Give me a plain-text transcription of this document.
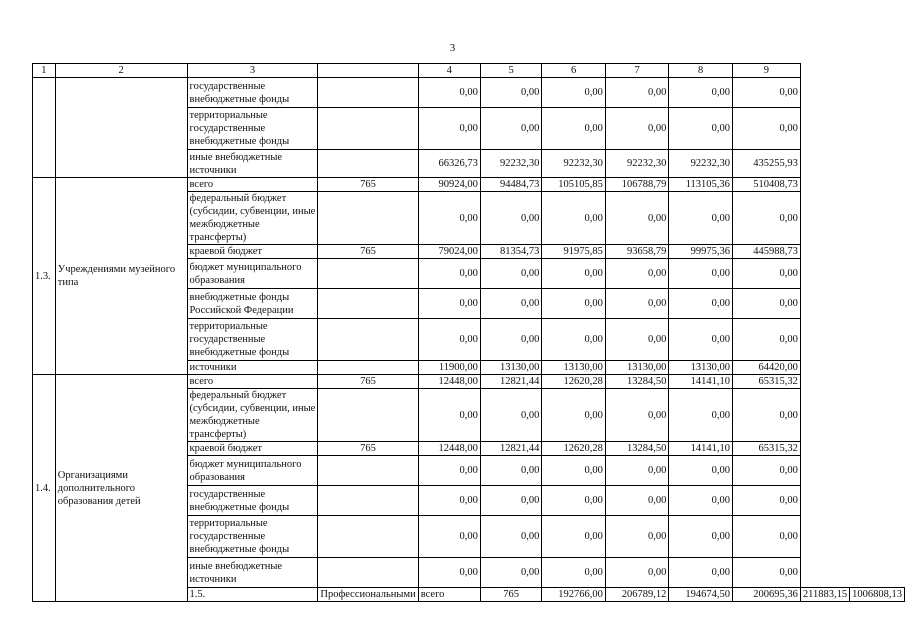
3
1	2	3		4	5	6	7	8	9		
		государственные внебюджетные фонды		0,00	0,00	0,00	0,00	0,00	0,00		
		территориальные государственные внебюджетные фонды		0,00	0,00	0,00	0,00	0,00	0,00		
		иные внебюджетные источники		66326,73	92232,30	92232,30	92232,30	92232,30	435255,93		
1.3.	Учреждениями музейного типа	всего	765	90924,00	94484,73	105105,85	106788,79	113105,36	510408,73		
		федеральный бюджет (субсидии, субвенции, иные межбюджетные трансферты)		0,00	0,00	0,00	0,00	0,00	0,00		
		краевой бюджет	765	79024,00	81354,73	91975,85	93658,79	99975,36	445988,73		
		бюджет муниципального образования		0,00	0,00	0,00	0,00	0,00	0,00		
		внебюджетные фонды Российской Федерации		0,00	0,00	0,00	0,00	0,00	0,00		
		территориальные государственные внебюджетные фонды		0,00	0,00	0,00	0,00	0,00	0,00		
		источники		11900,00	13130,00	13130,00	13130,00	13130,00	64420,00		
1.4.	Организациями дополнительного образования детей	всего	765	12448,00	12821,44	12620,28	13284,50	14141,10	65315,32		
		федеральный бюджет (субсидии, субвенции, иные межбюджетные трансферты)		0,00	0,00	0,00	0,00	0,00	0,00		
		краевой бюджет	765	12448,00	12821,44	12620,28	13284,50	14141,10	65315,32		
		бюджет муниципального образования		0,00	0,00	0,00	0,00	0,00	0,00		
		государственные внебюджетные фонды		0,00	0,00	0,00	0,00	0,00	0,00		
		территориальные государственные внебюджетные фонды		0,00	0,00	0,00	0,00	0,00	0,00		
		иные внебюджетные источники		0,00	0,00	0,00	0,00	0,00	0,00		
		1.5.	Профессиональными	всего	765	192766,00	206789,12	194674,50	200695,36	211883,15	1006808,13
